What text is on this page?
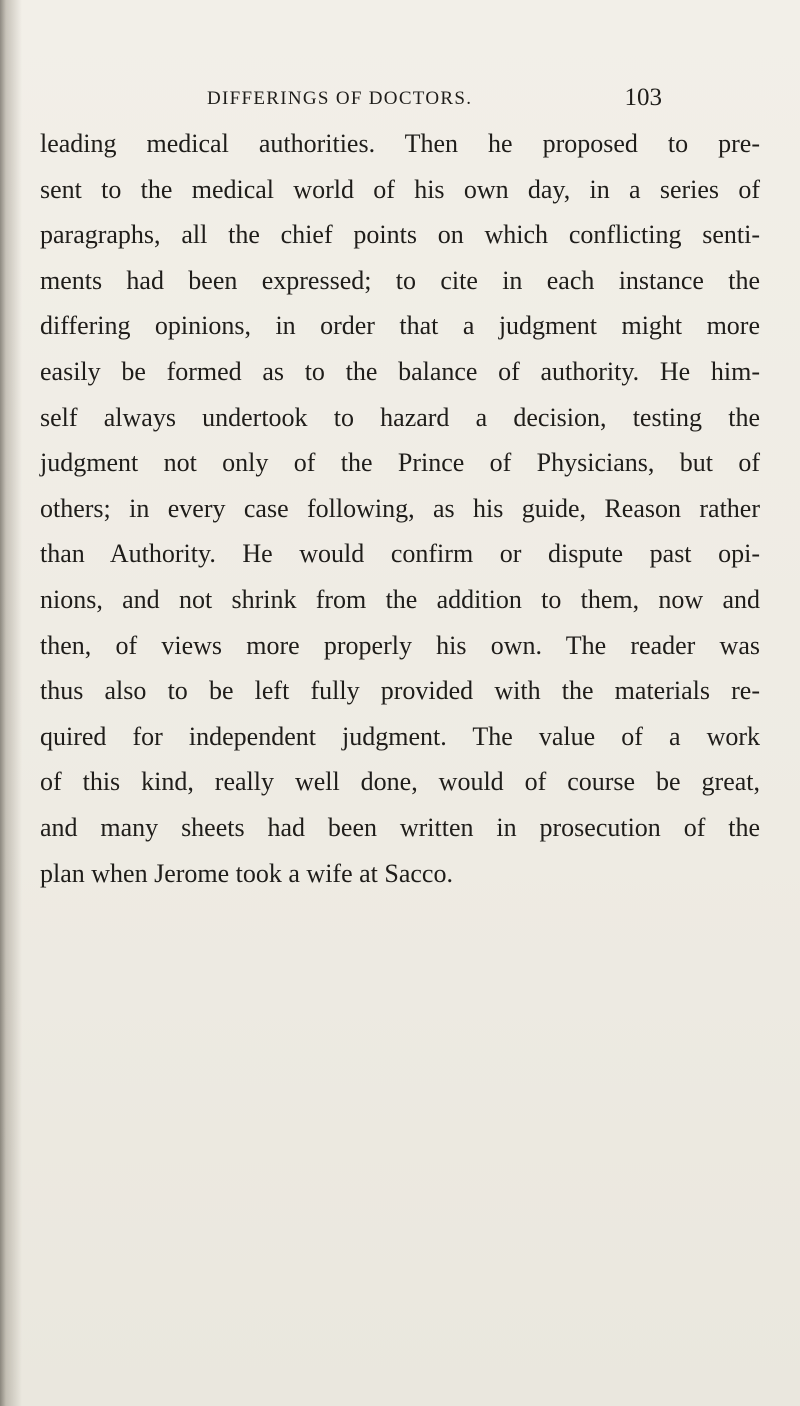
DIFFERINGS OF DOCTORS.	103
leading medical authorities. Then he proposed to pre-
sent to the medical world of his own day, in a series of
paragraphs, all the chief points on which conflicting senti-
ments had been expressed; to cite in each instance the
differing opinions, in order that a judgment might more
easily be formed as to the balance of authority. He him-
self always undertook to hazard a decision, testing the
judgment not only of the Prince of Physicians, but of
others; in every case following, as his guide, Reason rather
than Authority. He would confirm or dispute past opi-
nions, and not shrink from the addition to them, now and
then, of views more properly his own. The reader was
thus also to be left fully provided with the materials re-
quired for independent judgment. The value of a work
of this kind, really well done, would of course be great,
and many sheets had been written in prosecution of the
plan when Jerome took a wife at Sacco.
